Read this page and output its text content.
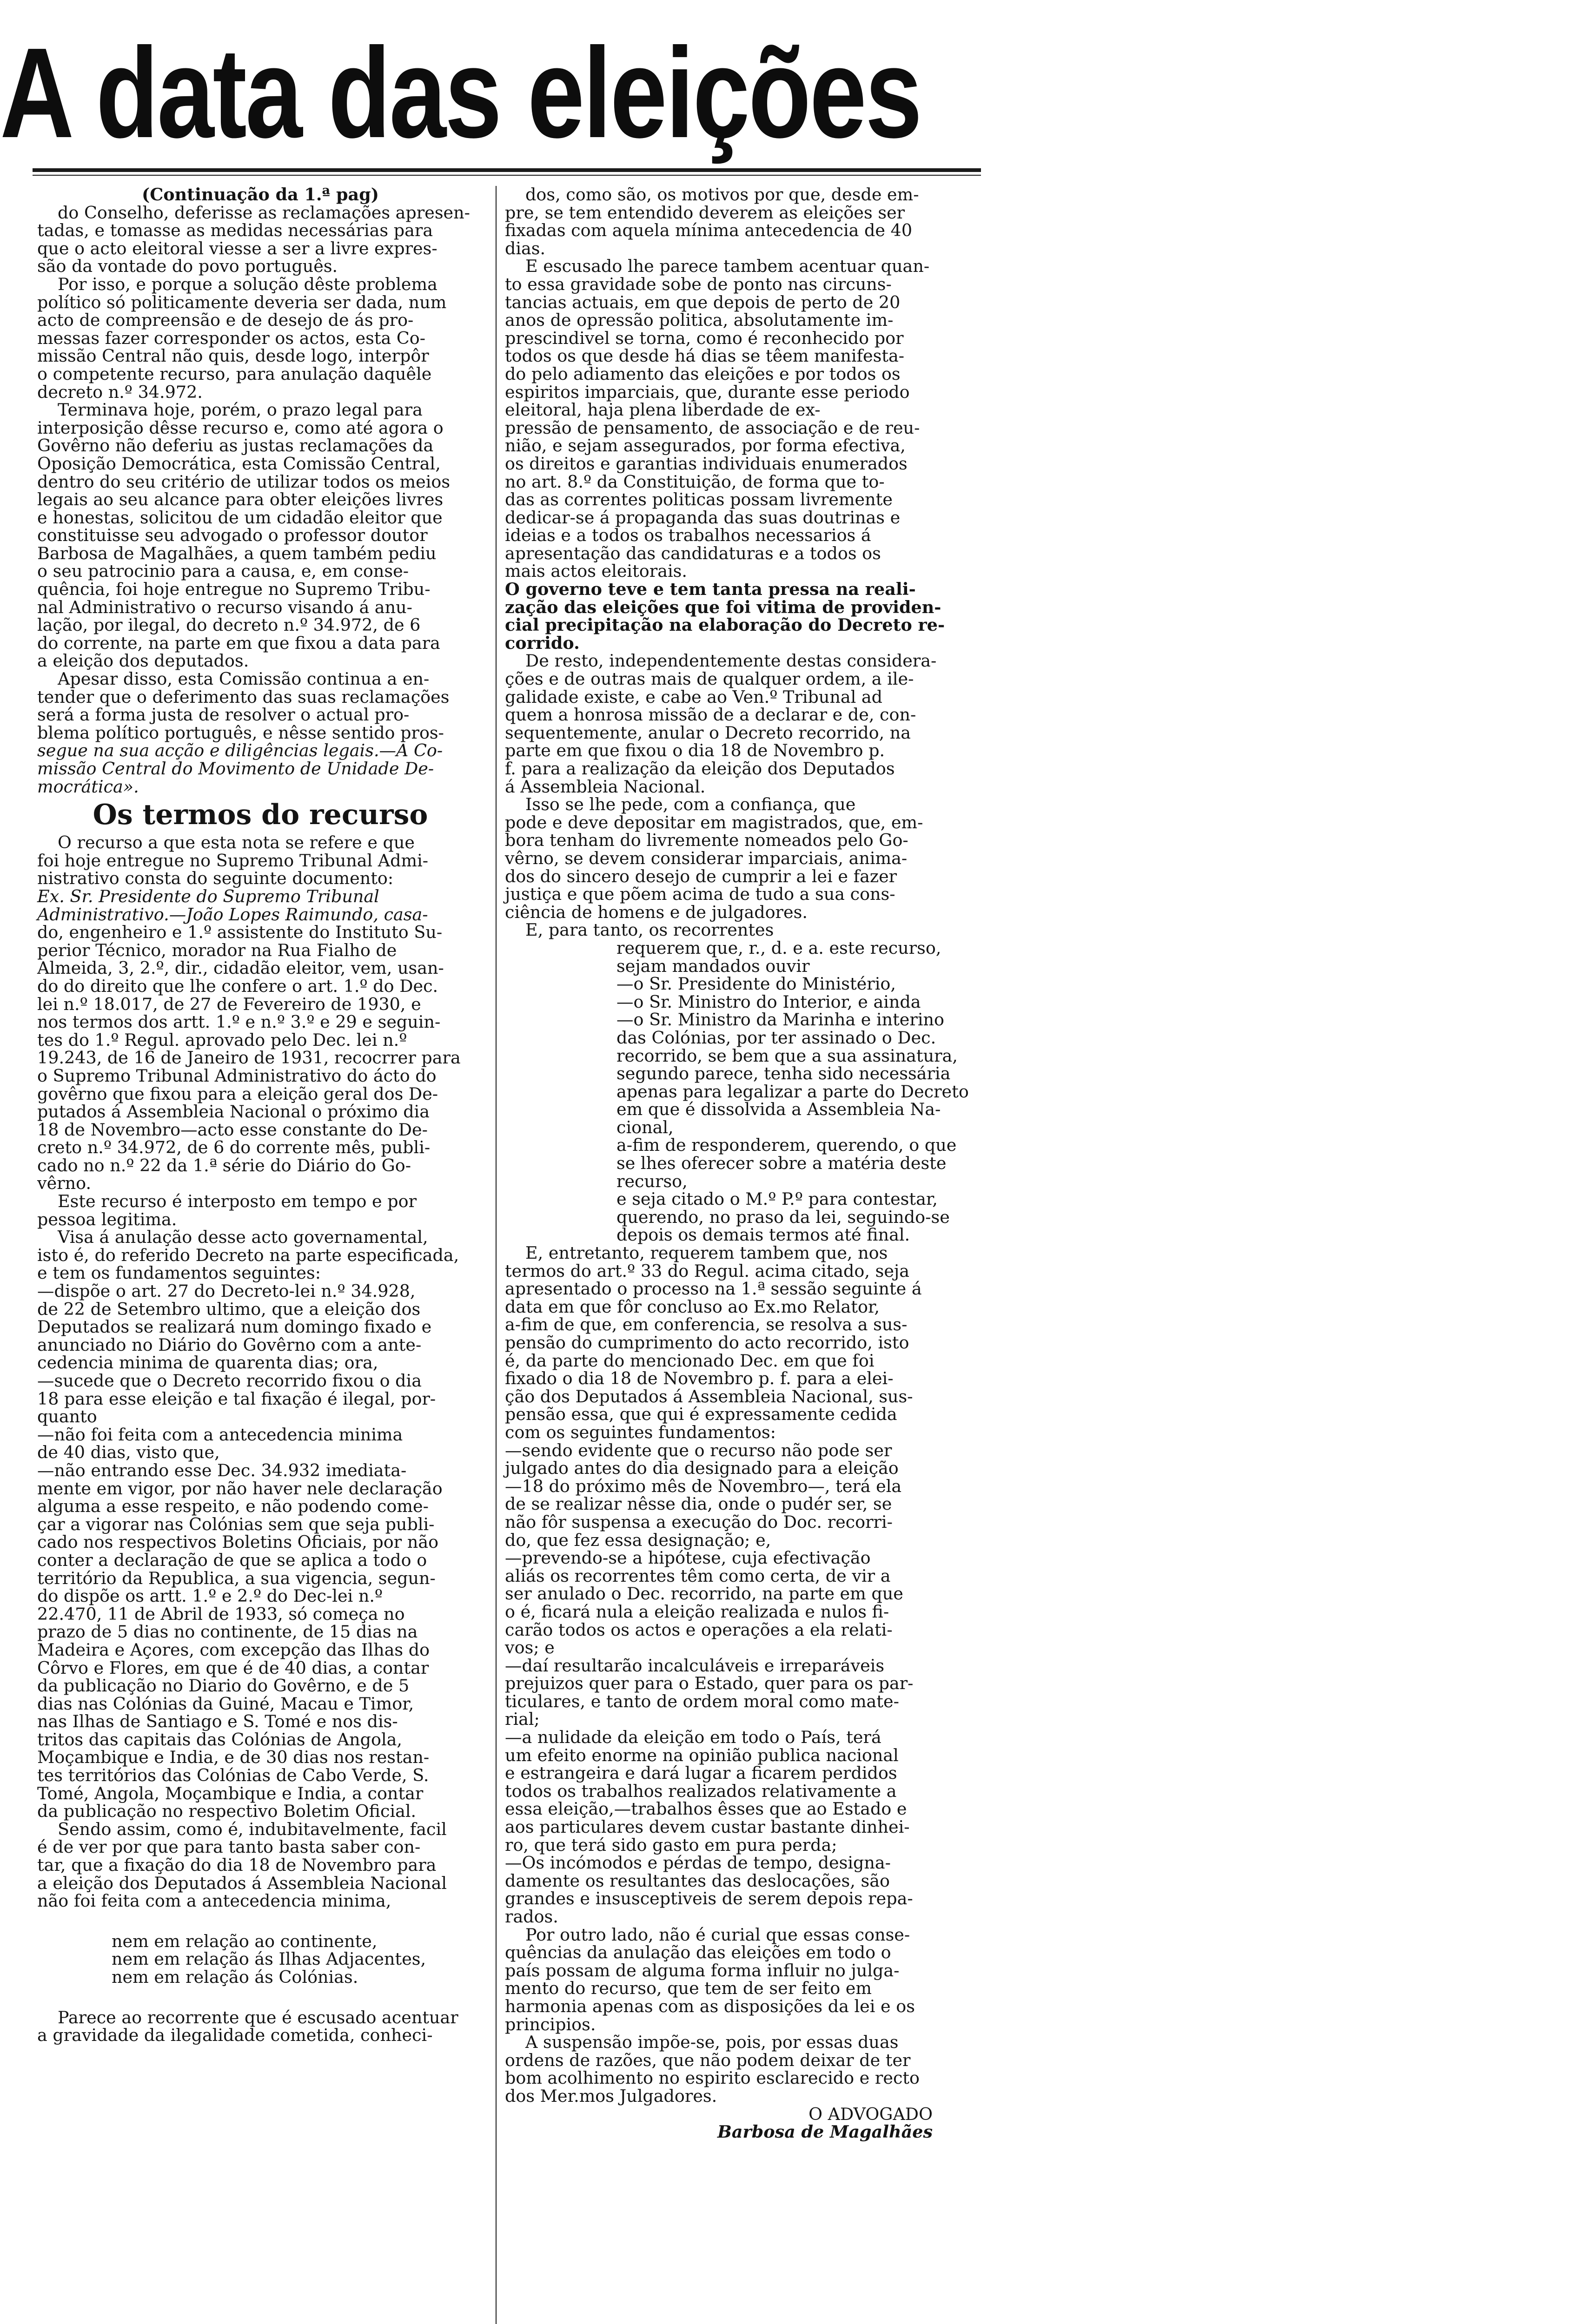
A data das eleições
(Continuação da 1.ª pag)
do Conselho, deferisse as reclamações apresen-
tadas, e tomasse as medidas necessárias para
que o acto eleitoral viesse a ser a livre expres-
são da vontade do povo português.
Por isso, e porque a solução dêste problema
político só politicamente deveria ser dada, num
acto de compreensão e de desejo de ás pro-
messas fazer corresponder os actos, esta Co-
missão Central não quis, desde logo, interpôr
o competente recurso, para anulação daquêle
decreto n.º 34.972.
Terminava hoje, porém, o prazo legal para
interposição dêsse recurso e, como até agora o
Govêrno não deferiu as justas reclamações da
Oposição Democrática, esta Comissão Central,
dentro do seu critério de utilizar todos os meios
legais ao seu alcance para obter eleições livres
e honestas, solicitou de um cidadão eleitor que
constituisse seu advogado o professor doutor
Barbosa de Magalhães, a quem também pediu
o seu patrocinio para a causa, e, em conse-
quência, foi hoje entregue no Supremo Tribu-
nal Administrativo o recurso visando á anu-
lação, por ilegal, do decreto n.º 34.972, de 6
do corrente, na parte em que fixou a data para
a eleição dos deputados.
Apesar disso, esta Comissão continua a en-
tender que o deferimento das suas reclamações
será a forma justa de resolver o actual pro-
blema político português, e nêsse sentido pros-
segue na sua acção e diligências legais.—A Co-
missão Central do Movimento de Unidade De-
mocrática».
Os termos do recurso
O recurso a que esta nota se refere e que
foi hoje entregue no Supremo Tribunal Admi-
nistrativo consta do seguinte documento:
Ex. Sr. Presidente do Supremo Tribunal
Administrativo.—João Lopes Raimundo, casa-
do, engenheiro e 1.º assistente do Instituto Su-
perior Técnico, morador na Rua Fialho de
Almeida, 3, 2.º, dir., cidadão eleitor, vem, usan-
do do direito que lhe confere o art. 1.º do Dec.
lei n.º 18.017, de 27 de Fevereiro de 1930, e
nos termos dos artt. 1.º e n.º 3.º e 29 e seguin-
tes do 1.º Regul. aprovado pelo Dec. lei n.º
19.243, de 16 de Janeiro de 1931, recocrrer para
o Supremo Tribunal Administrativo do ácto do
govêrno que fixou para a eleição geral dos De-
putados á Assembleia Nacional o próximo dia
18 de Novembro—acto esse constante do De-
creto n.º 34.972, de 6 do corrente mês, publi-
cado no n.º 22 da 1.ª série do Diário do Go-
vêrno.
Este recurso é interposto em tempo e por
pessoa legitima.
Visa á anulação desse acto governamental,
isto é, do referido Decreto na parte especificada,
e tem os fundamentos seguintes:
—dispõe o art. 27 do Decreto-lei n.º 34.928,
de 22 de Setembro ultimo, que a eleição dos
Deputados se realizará num domingo fixado e
anunciado no Diário do Govêrno com a ante-
cedencia minima de quarenta dias; ora,
—sucede que o Decreto recorrido fixou o dia
18 para esse eleição e tal fixação é ilegal, por-
quanto
—não foi feita com a antecedencia minima
de 40 dias, visto que,
—não entrando esse Dec. 34.932 imediata-
mente em vigor, por não haver nele declaração
alguma a esse respeito, e não podendo come-
çar a vigorar nas Colónias sem que seja publi-
cado nos respectivos Boletins Oficiais, por não
conter a declaração de que se aplica a todo o
território da Republica, a sua vigencia, segun-
do dispõe os artt. 1.º e 2.º do Dec-lei n.º
22.470, 11 de Abril de 1933, só começa no
prazo de 5 dias no continente, de 15 dias na
Madeira e Açores, com excepção das Ilhas do
Côrvo e Flores, em que é de 40 dias, a contar
da publicação no Diario do Govêrno, e de 5
dias nas Colónias da Guiné, Macau e Timor,
nas Ilhas de Santiago e S. Tomé e nos dis-
tritos das capitais das Colónias de Angola,
Moçambique e India, e de 30 dias nos restan-
tes territórios das Colónias de Cabo Verde, S.
Tomé, Angola, Moçambique e India, a contar
da publicação no respectivo Boletim Oficial.
Sendo assim, como é, indubitavelmente, facil
é de ver por que para tanto basta saber con-
tar, que a fixação do dia 18 de Novembro para
a eleição dos Deputados á Assembleia Nacional
não foi feita com a antecedencia minima,
nem em relação ao continente,
nem em relação ás Ilhas Adjacentes,
nem em relação ás Colónias.
Parece ao recorrente que é escusado acentuar
a gravidade da ilegalidade cometida, conheci-
dos, como são, os motivos por que, desde em-
pre, se tem entendido deverem as eleições ser
fixadas com aquela mínima antecedencia de 40
dias.
E escusado lhe parece tambem acentuar quan-
to essa gravidade sobe de ponto nas circuns-
tancias actuais, em que depois de perto de 20
anos de opressão politica, absolutamente im-
prescindivel se torna, como é reconhecido por
todos os que desde há dias se têem manifesta-
do pelo adiamento das eleições e por todos os
espiritos imparciais, que, durante esse periodo
eleitoral, haja plena liberdade de ex-
pressão de pensamento, de associação e de reu-
nião, e sejam assegurados, por forma efectiva,
os direitos e garantias individuais enumerados
no art. 8.º da Constituição, de forma que to-
das as correntes politicas possam livremente
dedicar-se á propaganda das suas doutrinas e
ideias e a todos os trabalhos necessarios á
apresentação das candidaturas e a todos os
mais actos eleitorais.
O governo teve e tem tanta pressa na reali-
zação das eleições que foi vitima de providen-
cial precipitação na elaboração do Decreto re-
corrido.
De resto, independentemente destas considera-
ções e de outras mais de qualquer ordem, a ile-
galidade existe, e cabe ao Ven.º Tribunal ad
quem a honrosa missão de a declarar e de, con-
sequentemente, anular o Decreto recorrido, na
parte em que fixou o dia 18 de Novembro p.
f. para a realização da eleição dos Deputados
á Assembleia Nacional.
Isso se lhe pede, com a confiança, que
pode e deve depositar em magistrados, que, em-
bora tenham do livremente nomeados pelo Go-
vêrno, se devem considerar imparciais, anima-
dos do sincero desejo de cumprir a lei e fazer
justiça e que põem acima de tudo a sua cons-
ciência de homens e de julgadores.
E, para tanto, os recorrentes
requerem que, r., d. e a. este recurso,
sejam mandados ouvir
—o Sr. Presidente do Ministério,
—o Sr. Ministro do Interior, e ainda
—o Sr. Ministro da Marinha e interino
das Colónias, por ter assinado o Dec.
recorrido, se bem que a sua assinatura,
segundo parece, tenha sido necessária
apenas para legalizar a parte do Decreto
em que é dissolvida a Assembleia Na-
cional,
a-fim de responderem, querendo, o que
se lhes oferecer sobre a matéria deste
recurso,
e seja citado o M.º P.º para contestar,
querendo, no praso da lei, seguindo-se
depois os demais termos até final.
E, entretanto, requerem tambem que, nos
termos do art.º 33 do Regul. acima citado, seja
apresentado o processo na 1.ª sessão seguinte á
data em que fôr concluso ao Ex.mo Relator,
a-fim de que, em conferencia, se resolva a sus-
pensão do cumprimento do acto recorrido, isto
é, da parte do mencionado Dec. em que foi
fixado o dia 18 de Novembro p. f. para a elei-
ção dos Deputados á Assembleia Nacional, sus-
pensão essa, que qui é expressamente cedida
com os seguintes fundamentos:
—sendo evidente que o recurso não pode ser
julgado antes do dia designado para a eleição
—18 do próximo mês de Novembro—, terá ela
de se realizar nêsse dia, onde o pudér ser, se
não fôr suspensa a execução do Doc. recorri-
do, que fez essa designação; e,
—prevendo-se a hipótese, cuja efectivação
aliás os recorrentes têm como certa, de vir a
ser anulado o Dec. recorrido, na parte em que
o é, ficará nula a eleição realizada e nulos fi-
carão todos os actos e operações a ela relati-
vos; e
—daí resultarão incalculáveis e irreparáveis
prejuizos quer para o Estado, quer para os par-
ticulares, e tanto de ordem moral como mate-
rial;
—a nulidade da eleição em todo o País, terá
um efeito enorme na opinião publica nacional
e estrangeira e dará lugar a ficarem perdidos
todos os trabalhos realizados relativamente a
essa eleição,—trabalhos êsses que ao Estado e
aos particulares devem custar bastante dinhei-
ro, que terá sido gasto em pura perda;
—Os incómodos e pérdas de tempo, designa-
damente os resultantes das deslocações, são
grandes e insusceptiveis de serem depois repa-
rados.
Por outro lado, não é curial que essas conse-
quências da anulação das eleições em todo o
país possam de alguma forma influir no julga-
mento do recurso, que tem de ser feito em
harmonia apenas com as disposições da lei e os
principios.
A suspensão impõe-se, pois, por essas duas
ordens de razões, que não podem deixar de ter
bom acolhimento no espirito esclarecido e recto
dos Mer.mos Julgadores.
O ADVOGADO
Barbosa de Magalhães
